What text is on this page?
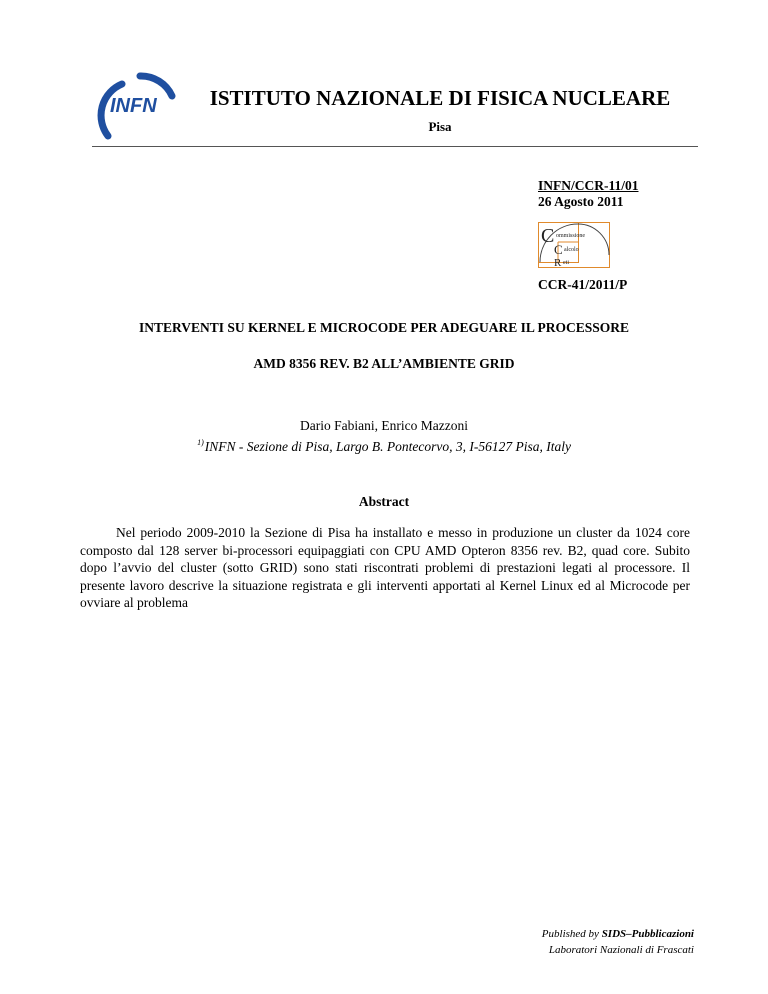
INFN	ISTITUTO NAZIONALE DI FISICA NUCLEARE
Pisa
INFN/CCR-11/01
26 Agosto 2011
C
C
R
ommissione
alcolo
eti
CCR-41/2011/P
INTERVENTI SU KERNEL E MICROCODE PER ADEGUARE IL PROCESSORE
AMD 8356 REV. B2 ALL’AMBIENTE GRID
Dario Fabiani, Enrico Mazzoni
$^{1)}$INFN - Sezione di Pisa, Largo B. Pontecorvo, 3, I-56127 Pisa, Italy
Abstract
Nel periodo 2009-2010 la Sezione di Pisa ha installato e messo in produzione un cluster da 1024 core composto dal 128 server bi-processori equipaggiati con CPU AMD Opteron 8356 rev. B2, quad core. Subito dopo l’avvio del cluster (sotto GRID) sono stati riscontrati problemi di prestazioni legati al processore. Il presente lavoro descrive la situazione registrata e gli interventi apportati al Kernel Linux ed al Microcode per ovviare al problema
Published by SIDS–Pubblicazioni
Laboratori Nazionali di Frascati
